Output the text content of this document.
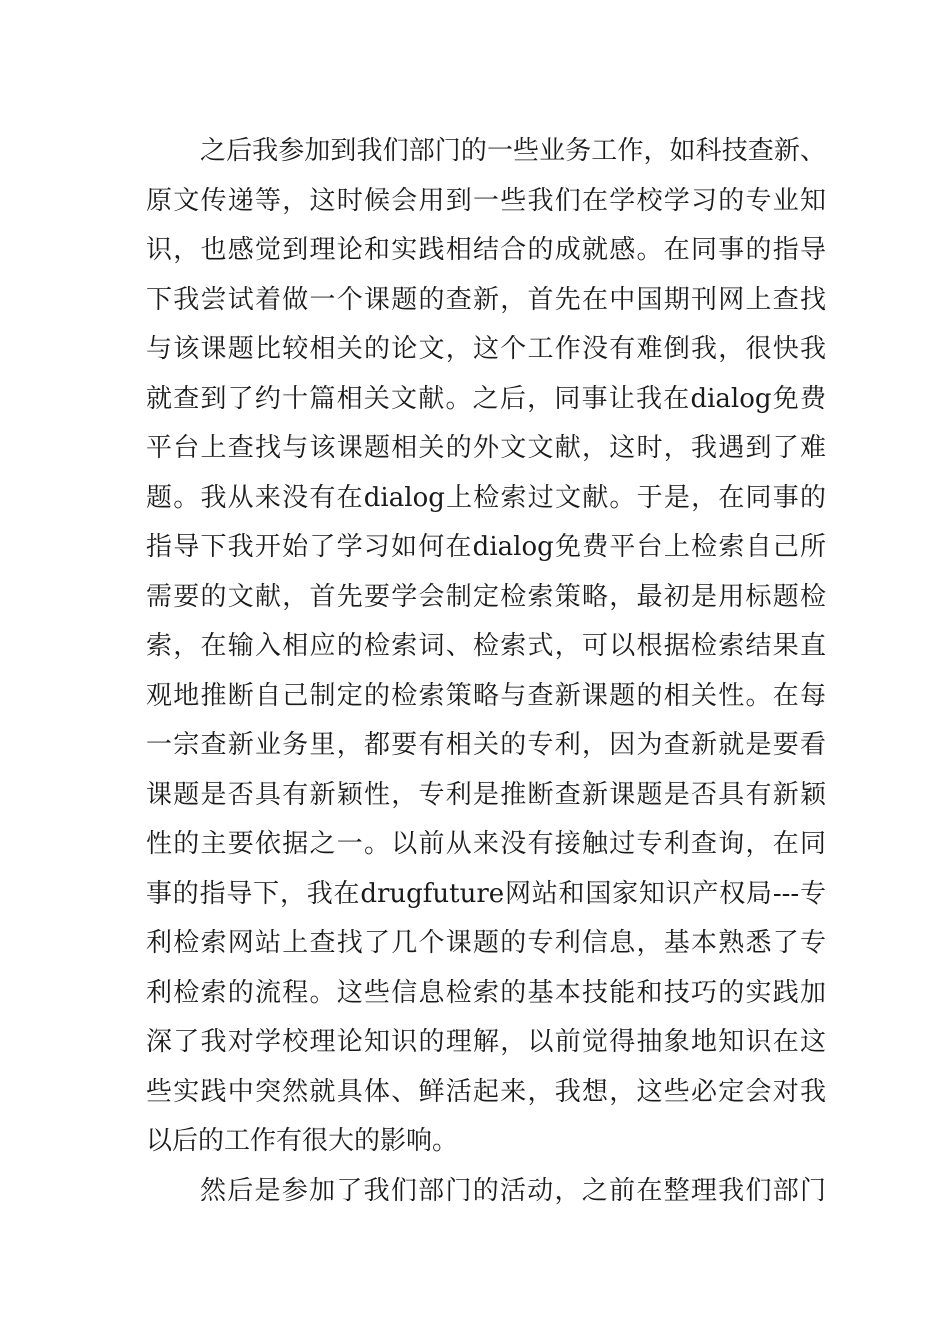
之后我参加到我们部门的一些业务工作，如科技查新、
原文传递等，这时候会用到一些我们在学校学习的专业知
识，也感觉到理论和实践相结合的成就感。在同事的指导
下我尝试着做一个课题的查新，首先在中国期刊网上查找
与该课题比较相关的论文，这个工作没有难倒我，很快我
就查到了约十篇相关文献。之后，同事让我在dialog免费
平台上查找与该课题相关的外文文献，这时，我遇到了难
题。我从来没有在dialog上检索过文献。于是，在同事的
指导下我开始了学习如何在dialog免费平台上检索自己所
需要的文献，首先要学会制定检索策略，最初是用标题检
索，在输入相应的检索词、检索式，可以根据检索结果直
观地推断自己制定的检索策略与查新课题的相关性。在每
一宗查新业务里，都要有相关的专利，因为查新就是要看
课题是否具有新颖性，专利是推断查新课题是否具有新颖
性的主要依据之一。以前从来没有接触过专利查询，在同
事的指导下，我在drugfuture网站和国家知识产权局---专
利检索网站上查找了几个课题的专利信息，基本熟悉了专
利检索的流程。这些信息检索的基本技能和技巧的实践加
深了我对学校理论知识的理解，以前觉得抽象地知识在这
些实践中突然就具体、鲜活起来，我想，这些必定会对我
以后的工作有很大的影响。
然后是参加了我们部门的活动，之前在整理我们部门
